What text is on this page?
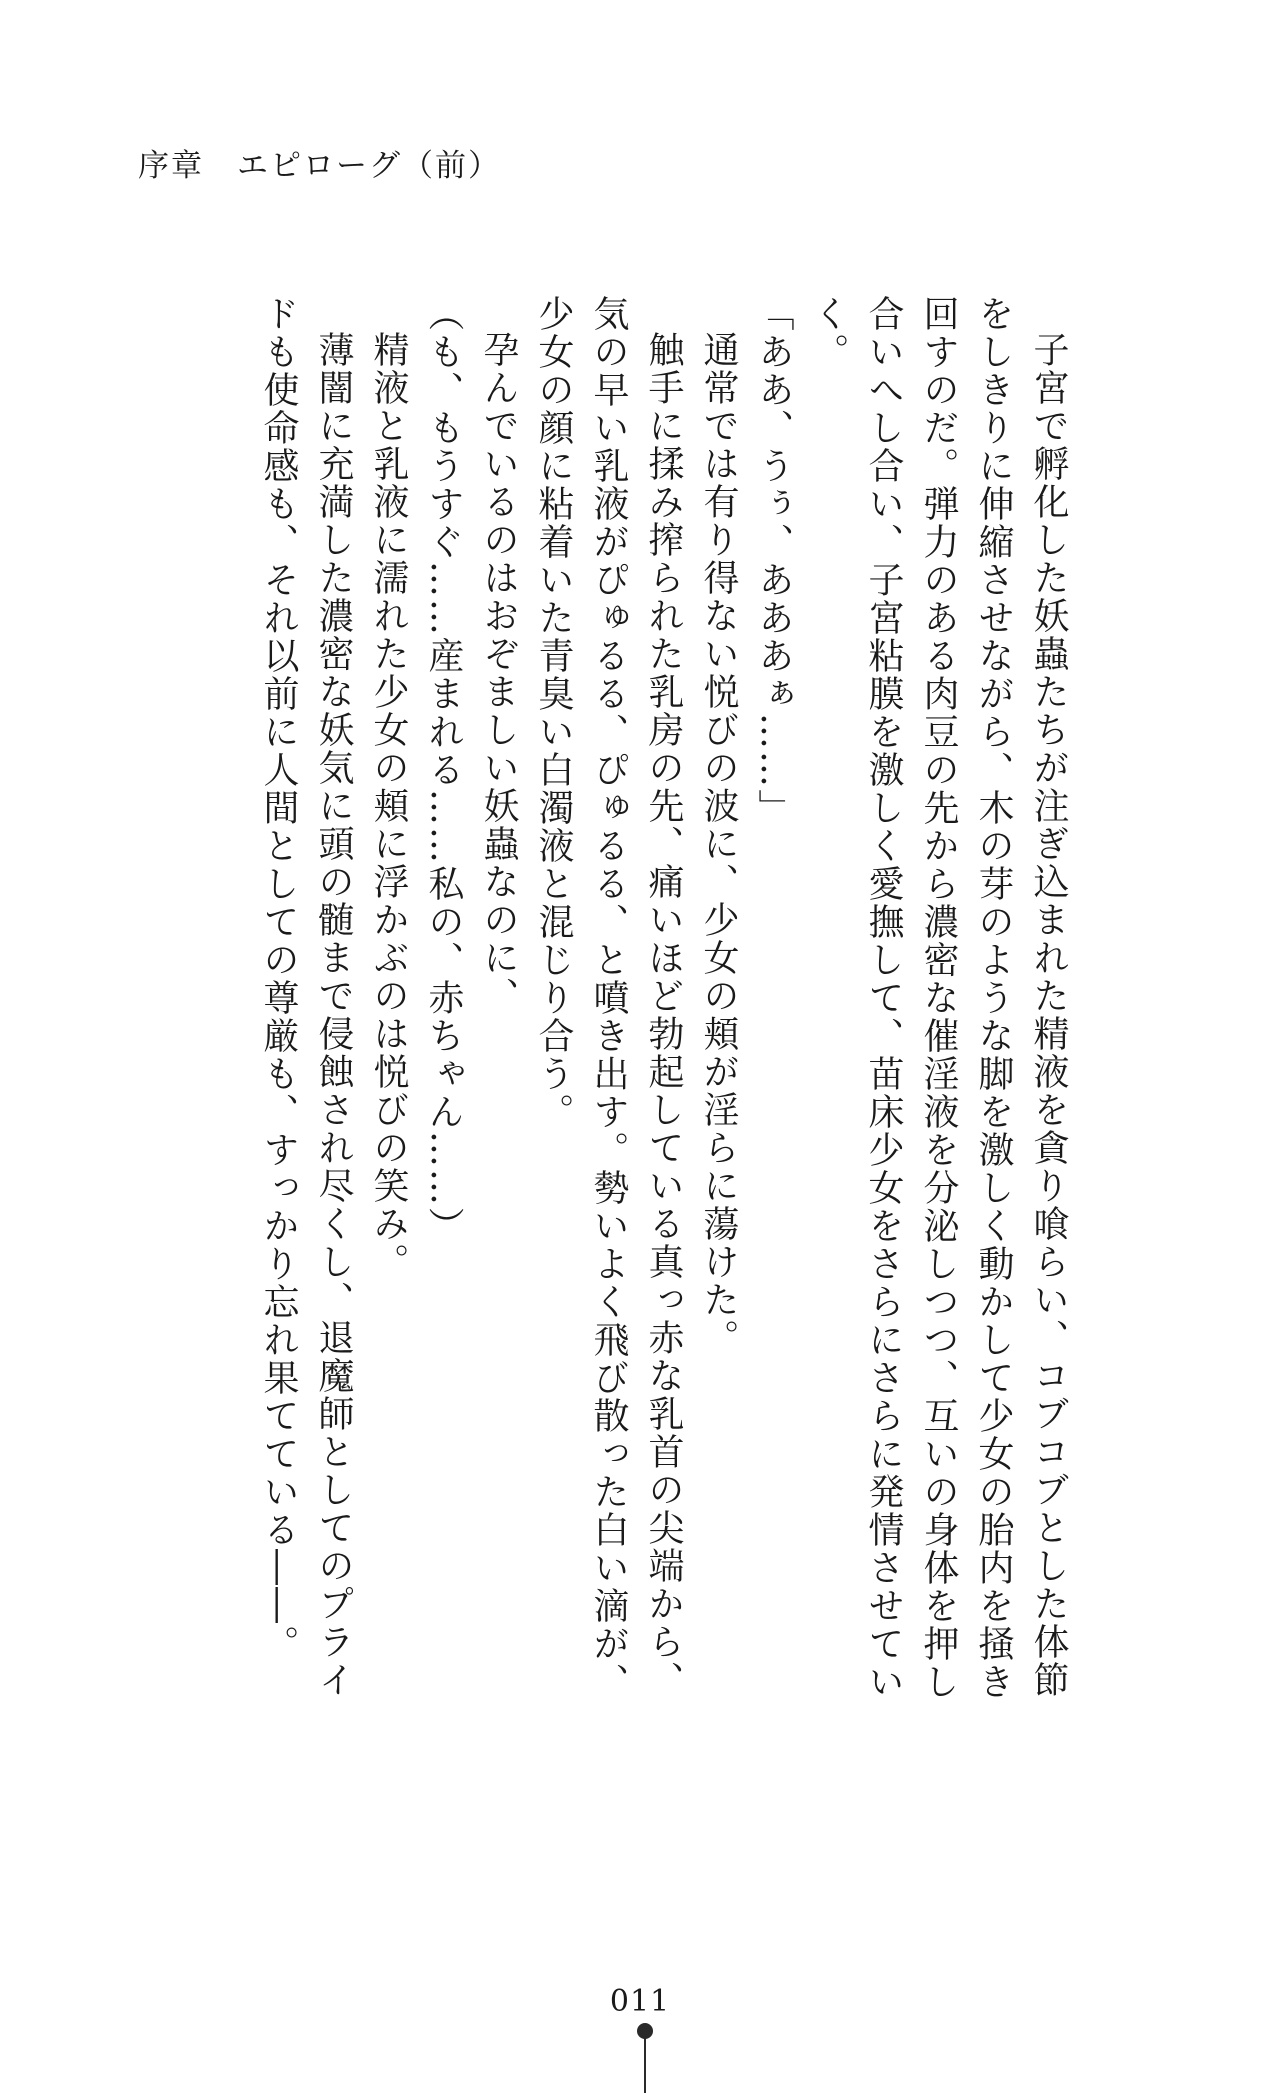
序章　エピローグ（前）

子宮で孵化した妖蟲たちが注ぎ込まれた精液を貪り喰らい、コブコブとした体節をしきりに伸縮させながら、木の芽のような脚を激しく動かして少女の胎内を掻き回すのだ。弾力のある肉豆の先から濃密な催淫液を分泌しつつ、互いの身体を押し合いへし合い、子宮粘膜を激しく愛撫して、苗床少女をさらにさらに発情させていく。

「ああ、うぅ、あああぁ……」

通常では有り得ない悦びの波に、少女の頬が淫らに蕩けた。

触手に揉み搾られた乳房の先、痛いほど勃起している真っ赤な乳首の尖端から、気の早い乳液がぴゅるる、ぴゅるる、と噴き出す。勢いよく飛び散った白い滴が、少女の顔に粘着いた青臭い白濁液と混じり合う。

孕んでいるのはおぞましい妖蟲なのに、

（も、もうすぐ……産まれる……私の、赤ちゃん……）

精液と乳液に濡れた少女の頬に浮かぶのは悦びの笑み。

薄闇に充満した濃密な妖気に頭の髄まで侵蝕され尽くし、退魔師としてのプライドも使命感も、それ以前に人間としての尊厳も、すっかり忘れ果てている――。

011
